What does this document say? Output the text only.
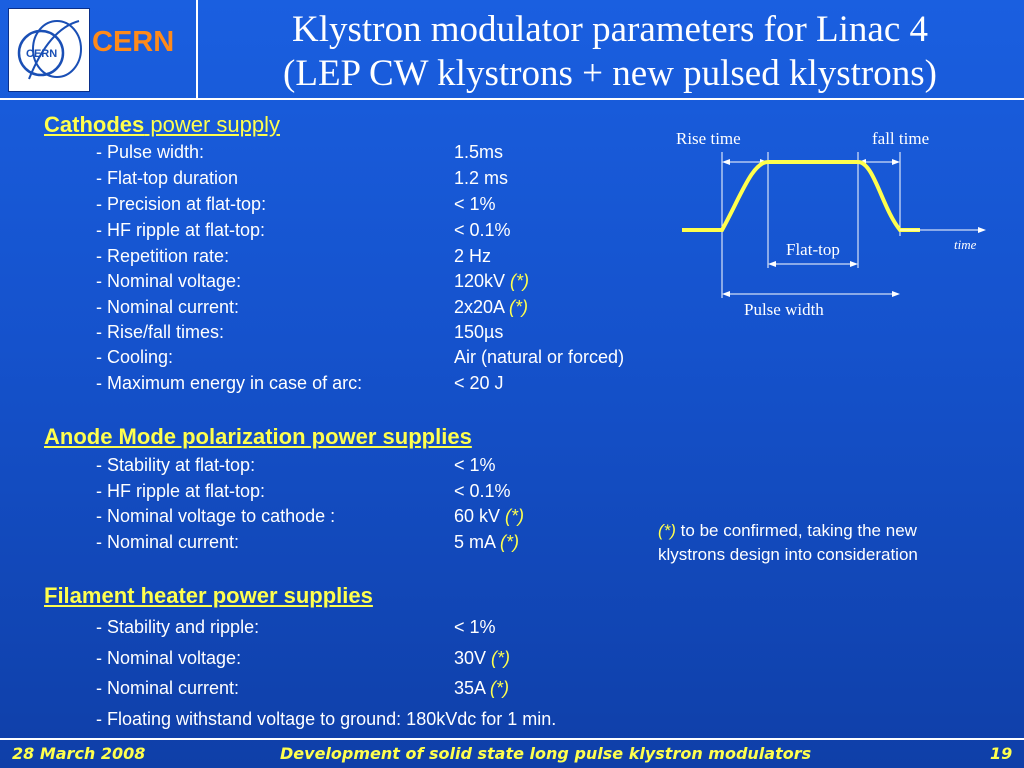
CERN CERN	Klystron modulator parameters for Linac 4
(LEP CW klystrons + new pulsed klystrons)
Cathodes power supply
- Pulse width:	1.5ms
- Flat-top duration	1.2 ms
- Precision at flat-top:	< 1%
- HF ripple at flat-top:	< 0.1%
- Repetition rate:	2 Hz
- Nominal voltage:	120kV (*)
- Nominal current:	2x20A (*)
- Rise/fall times:	150µs
- Cooling:	Air (natural or forced)
- Maximum energy in case of arc:	< 20 J
Anode Mode polarization power supplies
- Stability at flat-top:	< 1%
- HF ripple at flat-top:	< 0.1%
- Nominal voltage to cathode :	60 kV (*)
- Nominal current:	5 mA (*)
Filament heater power supplies
- Stability and ripple:	< 1%
- Nominal voltage:	30V (*)
- Nominal current:	35A (*)
- Floating withstand voltage to ground: 180kVdc for 1 min.
(*) to be confirmed, taking the new klystrons design into consideration
Rise time	fall time
time
Flat-top
Pulse width
28 March 2008	Development of solid state long pulse klystron modulators	19
